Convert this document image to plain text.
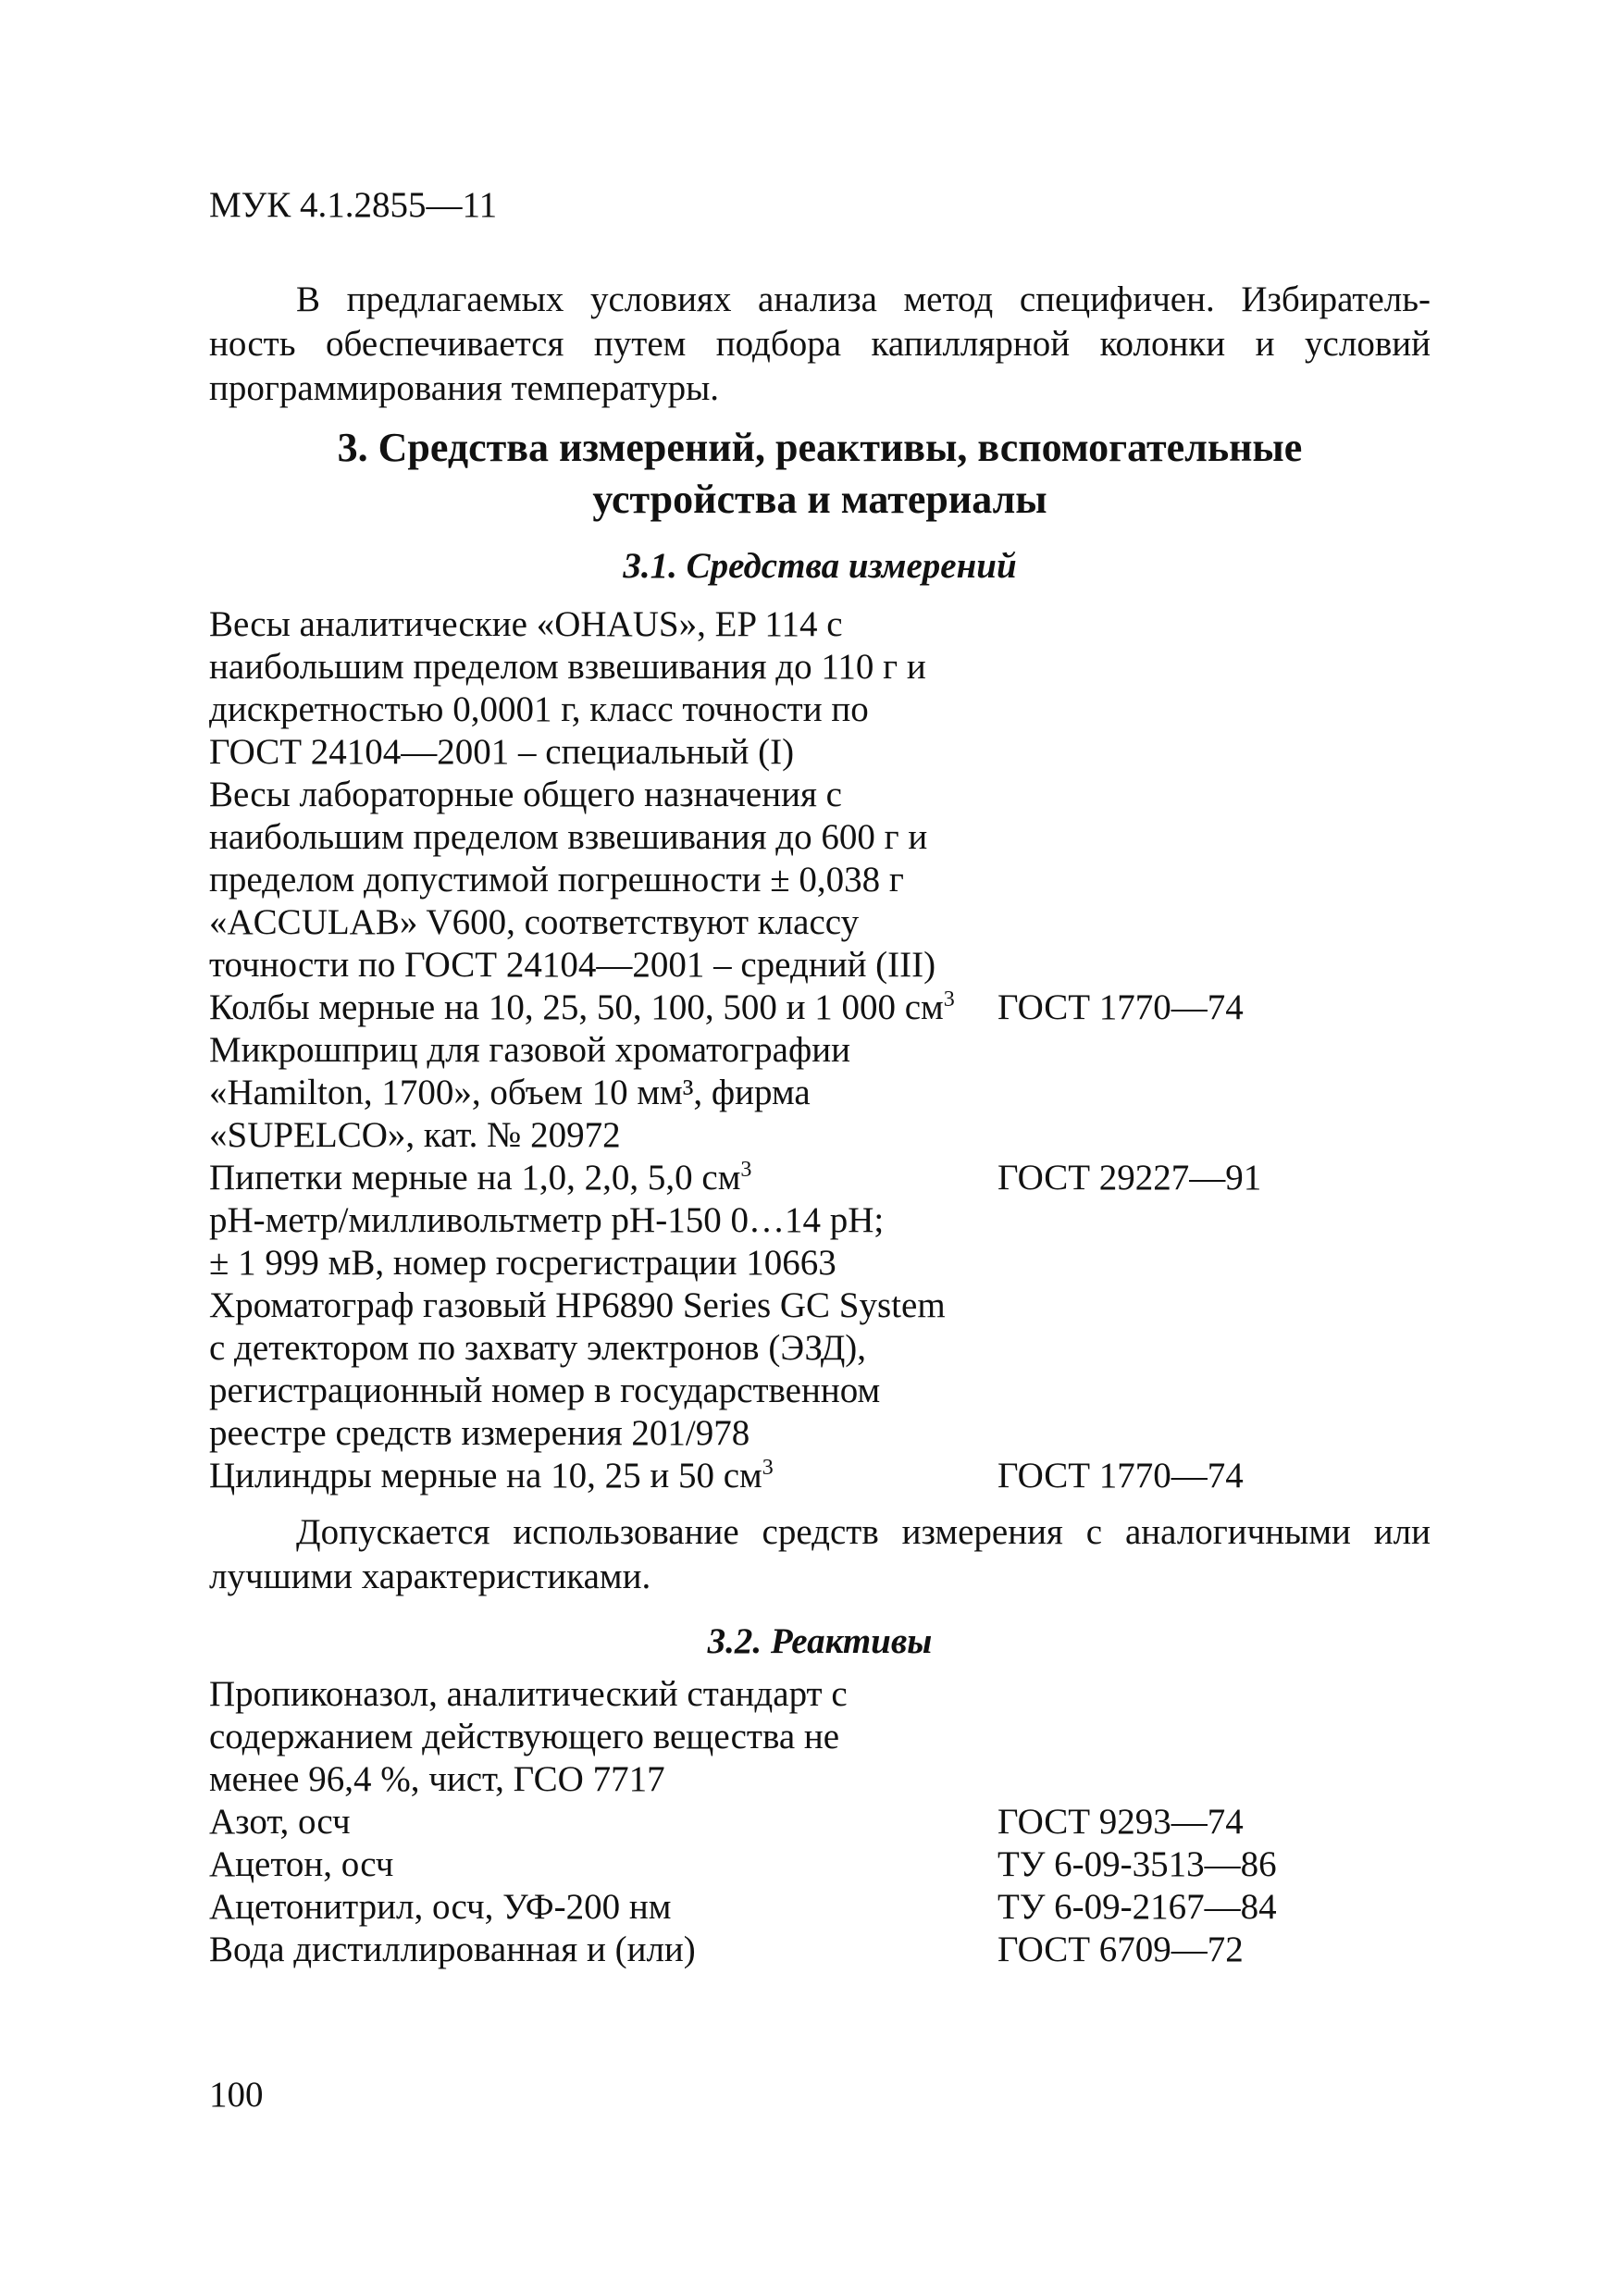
МУК 4.1.2855—11
В предлагаемых условиях анализа метод специфичен. Избиратель-
ность обеспечивается путем подбора капиллярной колонки и условий
программирования температуры.
3. Средства измерений, реактивы, вспомогательные
устройства и материалы
3.1. Средства измерений
Весы аналитические «OHAUS», EP 114 с
наибольшим пределом взвешивания до 110 г и
дискретностью 0,0001 г, класс точности по
ГОСТ 24104—2001 – специальный (I)
Весы лабораторные общего назначения с
наибольшим пределом взвешивания до 600 г и
пределом допустимой погрешности ± 0,038 г
«ACCULAB» V600, соответствуют классу
точности по ГОСТ 24104—2001 – средний (III)
Колбы мерные на 10, 25, 50, 100, 500 и 1 000 $см^3$	ГОСТ 1770—74
Микрошприц для газовой хроматографии
«Hamilton, 1700», объем 10 мм³, фирма
«SUPELCO», кат. № 20972
Пипетки мерные на 1,0, 2,0, 5,0 $см^3$	ГОСТ 29227—91
pH-метр/милливольтметр pH-150 0…14 pH;
± 1 999 мВ, номер госрегистрации 10663
Хроматограф газовый HP6890 Series GC System
с детектором по захвату электронов (ЭЗД),
регистрационный номер в государственном
реестре средств измерения 201/978
Цилиндры мерные на 10, 25 и 50 $см^3$	ГОСТ 1770—74
Допускается использование средств измерения с аналогичными или
лучшими характеристиками.
3.2. Реактивы
Пропиконазол, аналитический стандарт с
содержанием действующего вещества не
менее 96,4 %, чист, ГСО 7717
Азот, осч	ГОСТ 9293—74
Ацетон, осч	ТУ 6-09-3513—86
Ацетонитрил, осч, УФ-200 нм	ТУ 6-09-2167—84
Вода дистиллированная и (или)	ГОСТ 6709—72
100
